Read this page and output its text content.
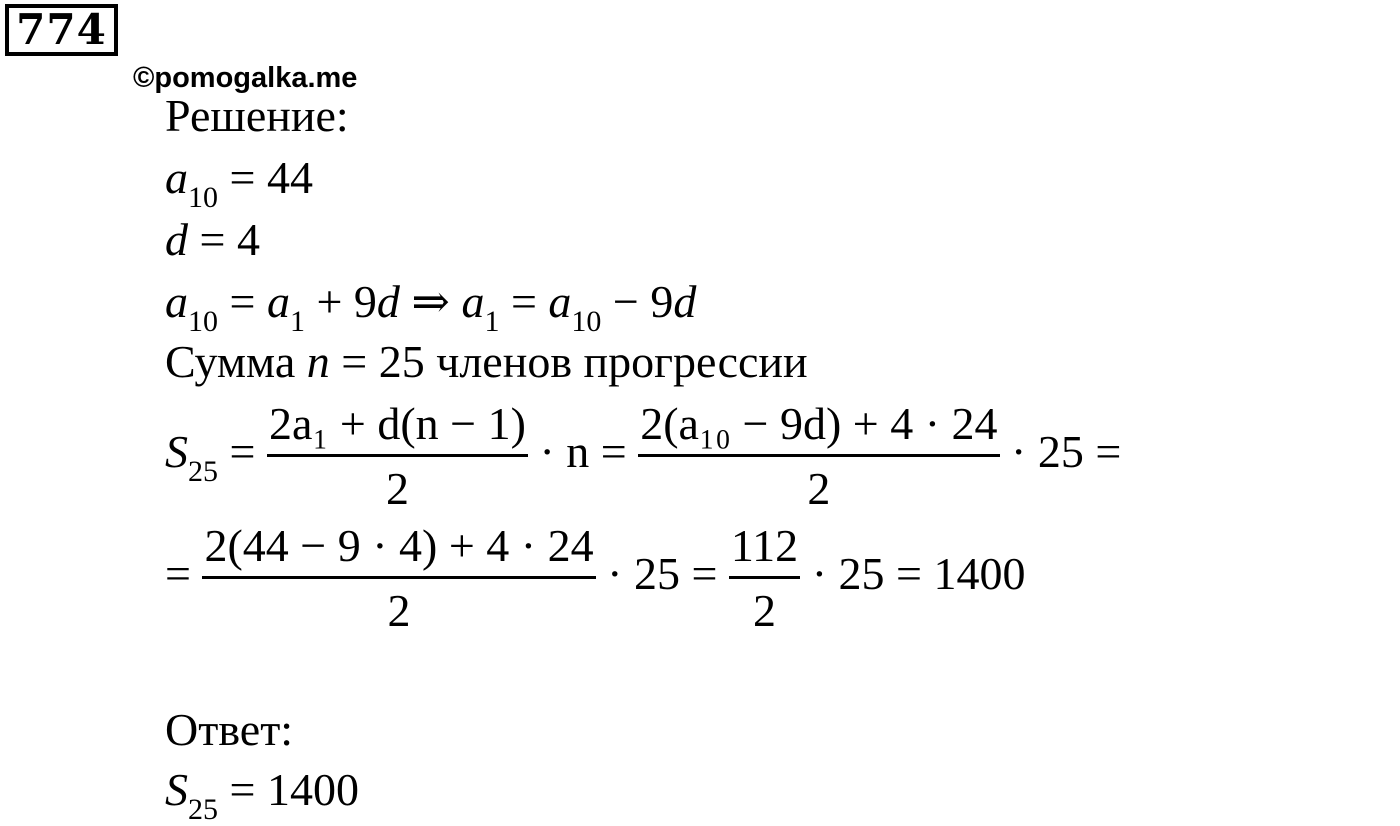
774
©pomogalka.me
Решение:
$a_{10} = 44$
d = 4
$a_{10} = a_1 + 9d$ ⇒ $a_1 = a_{10} - 9d$
Сумма n = 25 членов прогрессии
$S_{25} = \frac{\text{2a₁ + d(n − 1)}}{2} \cdot n = \frac{\text{2(a₁₀ − 9d) + 4 · 24}}{2} \cdot 25$ =
= $\frac{2(44 - 9 \cdot 4) + 4 \cdot 24}{2} \cdot 25 = \frac{112}{2} \cdot 25 = 1400$
Ответ:
$S_{25} = 1400$
